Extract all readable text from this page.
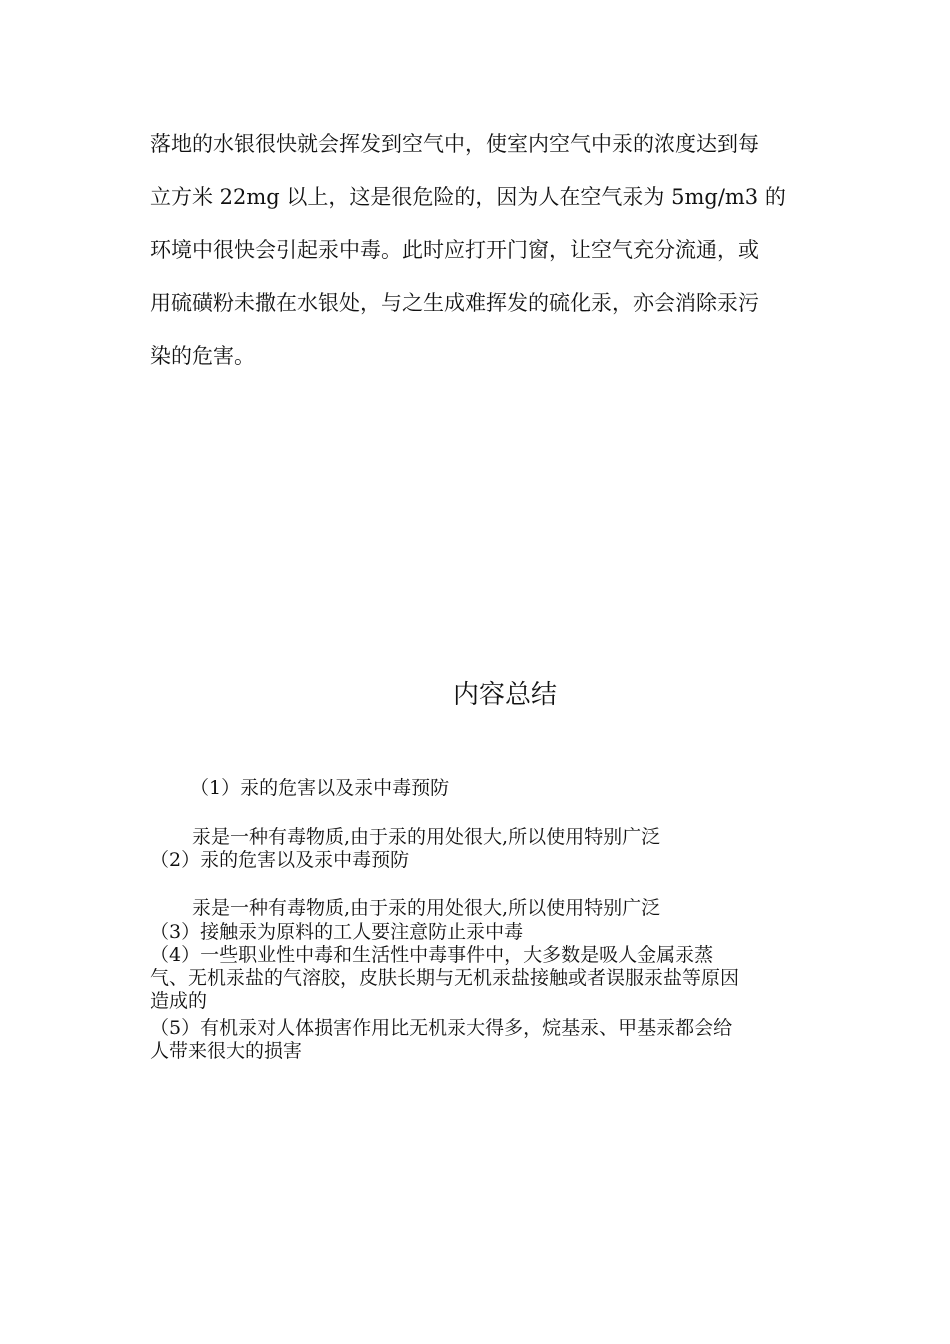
落地的水银很快就会挥发到空气中，使室内空气中汞的浓度达到每
立方米 22mg 以上，这是很危险的，因为人在空气汞为 5mg/m3 的
环境中很快会引起汞中毒。此时应打开门窗，让空气充分流通，或
用硫磺粉未撒在水银处，与之生成难挥发的硫化汞，亦会消除汞污
染的危害。

内容总结

（1）汞的危害以及汞中毒预防

汞是一种有毒物质,由于汞的用处很大,所以使用特别广泛

（2）汞的危害以及汞中毒预防

汞是一种有毒物质,由于汞的用处很大,所以使用特别广泛

（3）接触汞为原料的工人要注意防止汞中毒

（4）一些职业性中毒和生活性中毒事件中，大多数是吸人金属汞蒸

气、无机汞盐的气溶胶，皮肤长期与无机汞盐接触或者误服汞盐等原因

造成的

（5）有机汞对人体损害作用比无机汞大得多，烷基汞、甲基汞都会给

人带来很大的损害
